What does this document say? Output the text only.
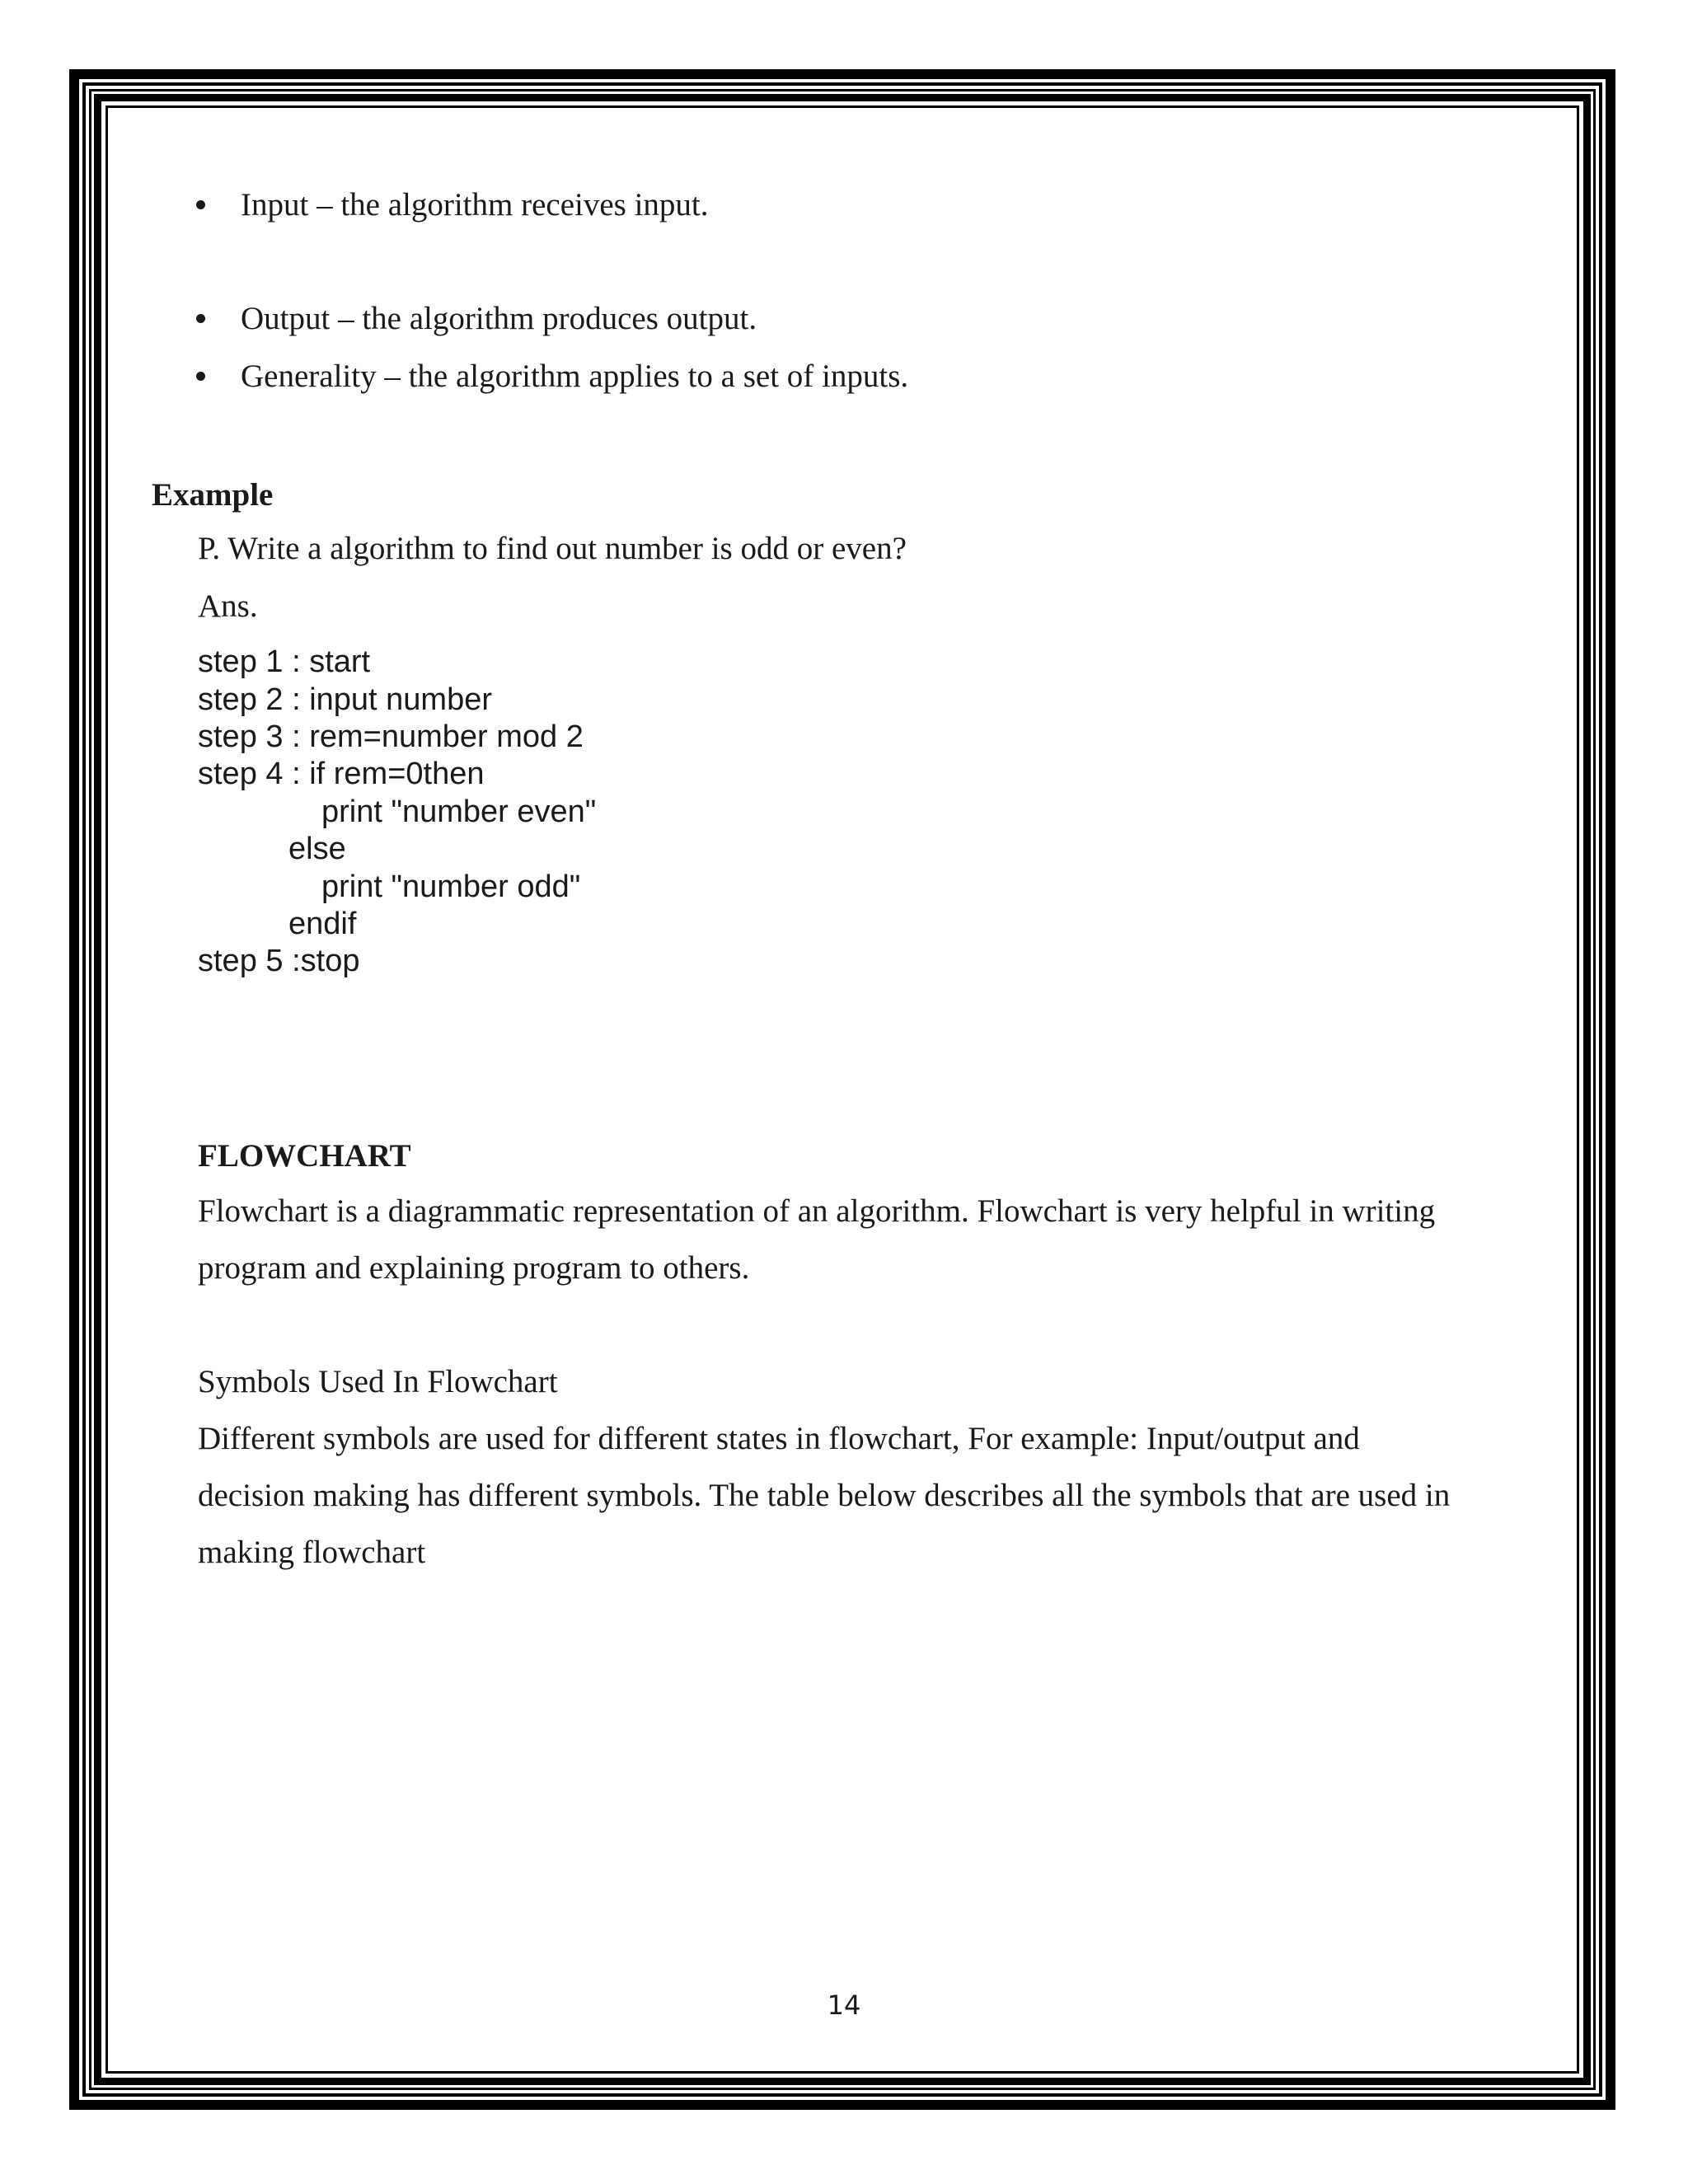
Input – the algorithm receives input.
Output – the algorithm produces output.
Generality – the algorithm applies to a set of inputs.
Example
P. Write a algorithm to find out number is odd or even?
Ans.
step 1 : start
step 2 : input number
step 3 : rem=number mod 2
step 4 : if rem=0then
print "number even"
else
print "number odd"
endif
step 5 :stop
FLOWCHART
Flowchart is a diagrammatic representation of an algorithm. Flowchart is very helpful in writing
program and explaining program to others.
Symbols Used In Flowchart
Different symbols are used for different states in flowchart, For example: Input/output and
decision making has different symbols. The table below describes all the symbols that are used in
making flowchart
14
